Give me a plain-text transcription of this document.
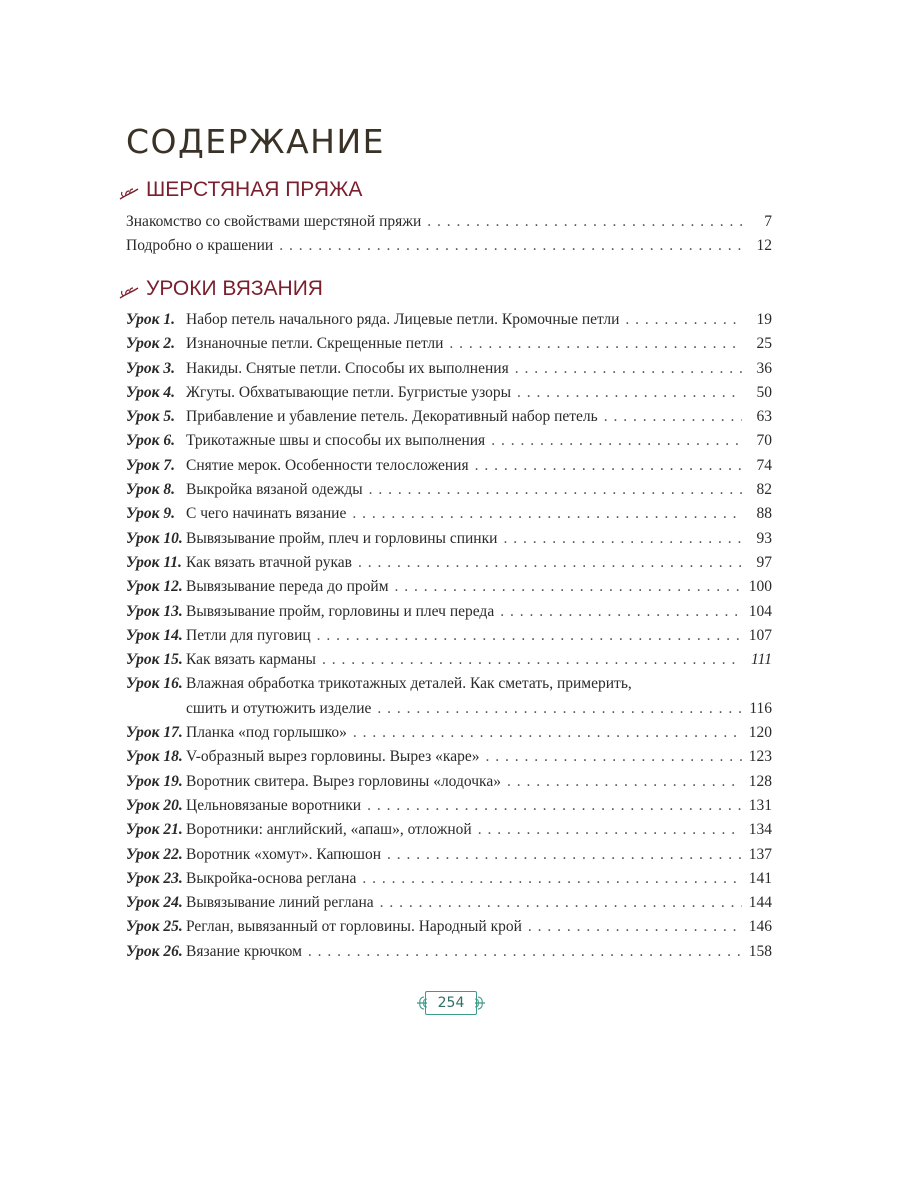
СОДЕРЖАНИЕ
ШЕРСТЯНАЯ ПРЯЖА
Знакомство со свойствами шерстяной пряжи . . .	7
Подробно о крашении . . .	12
УРОКИ ВЯЗАНИЯ
Урок 1. Набор петель начального ряда. Лицевые петли. Кромочные петли . . .	19
Урок 2. Изнаночные петли. Скрещенные петли . . .	25
Урок 3. Накиды. Снятые петли. Способы их выполнения . . .	36
Урок 4. Жгуты. Обхватывающие петли. Бугристые узоры . . .	50
Урок 5. Прибавление и убавление петель. Декоративный набор петель . . .	63
Урок 6. Трикотажные швы и способы их выполнения . . .	70
Урок 7. Снятие мерок. Особенности телосложения . . .	74
Урок 8. Выкройка вязаной одежды . . .	82
Урок 9. С чего начинать вязание . . .	88
Урок 10. Вывязывание пройм, плеч и горловины спинки . . .	93
Урок 11. Как вязать втачной рукав . . .	97
Урок 12. Вывязывание переда до пройм . . .	100
Урок 13. Вывязывание пройм, горловины и плеч переда . . .	104
Урок 14. Петли для пуговиц . . .	107
Урок 15. Как вязать карманы . . .	111
Урок 16. Влажная обработка трикотажных деталей. Как сметать, примерить,
сшить и отутюжить изделие . . .	116
Урок 17. Планка «под горлышко» . . .	120
Урок 18. V-образный вырез горловины. Вырез «каре» . . .	123
Урок 19. Воротник свитера. Вырез горловины «лодочка» . . .	128
Урок 20. Цельновязаные воротники . . .	131
Урок 21. Воротники: английский, «апаш», отложной . . .	134
Урок 22. Воротник «хомут». Капюшон . . .	137
Урок 23. Выкройка-основа реглана . . .	141
Урок 24. Вывязывание линий реглана . . .	144
Урок 25. Реглан, вывязанный от горловины. Народный крой . . .	146
Урок 26. Вязание крючком . . .	158
254
